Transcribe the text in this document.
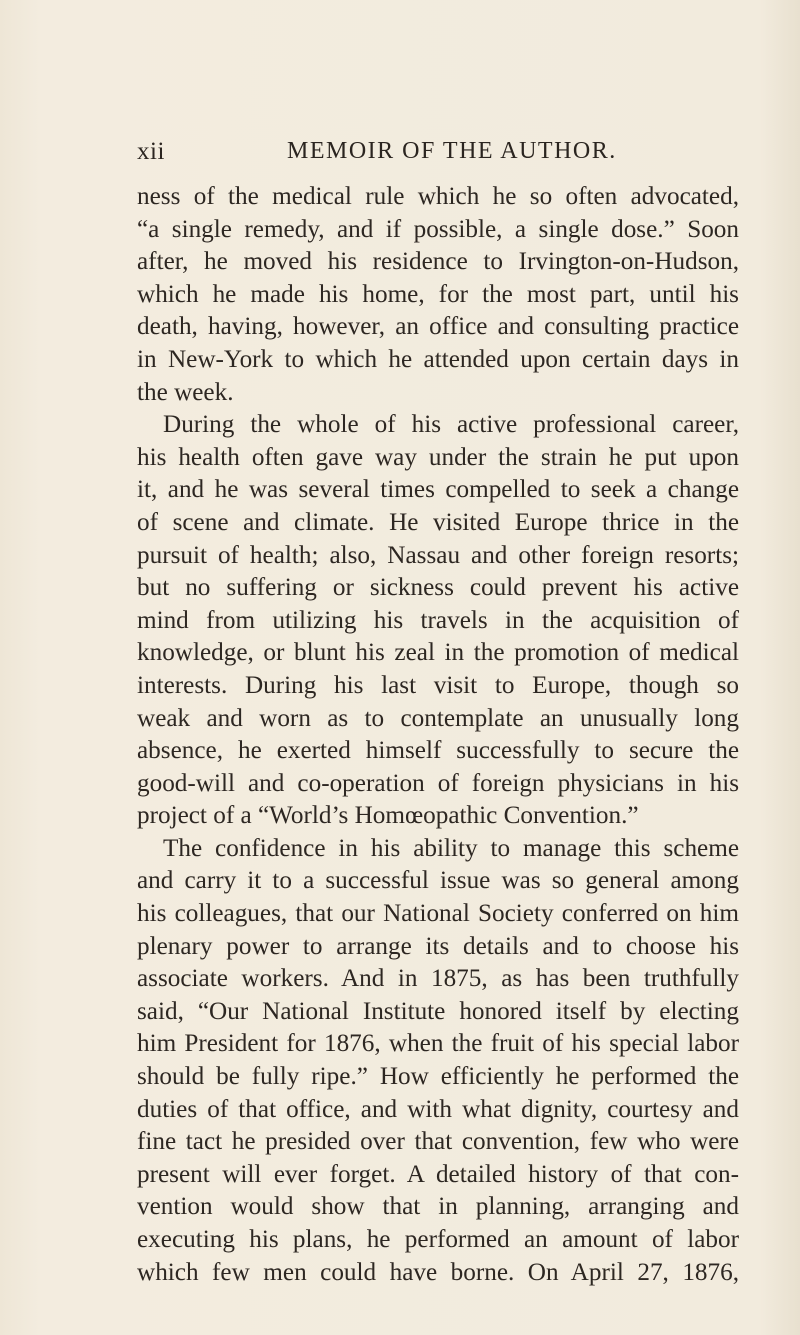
xii	MEMOIR OF THE AUTHOR.
ness of the medical rule which he so often advocated,
“a single remedy, and if possible, a single dose.” Soon
after, he moved his residence to Irvington-on-Hudson,
which he made his home, for the most part, until his
death, having, however, an office and consulting practice
in New-York to which he attended upon certain days in
the week.
During the whole of his active professional career,
his health often gave way under the strain he put upon
it, and he was several times compelled to seek a change
of scene and climate. He visited Europe thrice in the
pursuit of health; also, Nassau and other foreign resorts;
but no suffering or sickness could prevent his active
mind from utilizing his travels in the acquisition of
knowledge, or blunt his zeal in the promotion of medical
interests. During his last visit to Europe, though so
weak and worn as to contemplate an unusually long
absence, he exerted himself successfully to secure the
good-will and co-operation of foreign physicians in his
project of a “World’s Homœopathic Convention.”
The confidence in his ability to manage this scheme
and carry it to a successful issue was so general among
his colleagues, that our National Society conferred on him
plenary power to arrange its details and to choose his
associate workers. And in 1875, as has been truthfully
said, “Our National Institute honored itself by electing
him President for 1876, when the fruit of his special labor
should be fully ripe.” How efficiently he performed the
duties of that office, and with what dignity, courtesy and
fine tact he presided over that convention, few who were
present will ever forget. A detailed history of that con-
vention would show that in planning, arranging and
executing his plans, he performed an amount of labor
which few men could have borne. On April 27, 1876,
